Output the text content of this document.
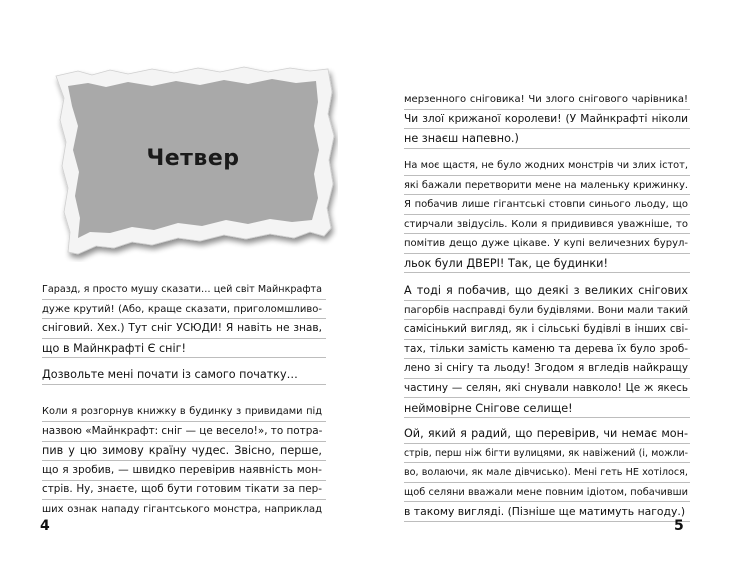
Четвер
Гаразд, я просто мушу сказати… цей світ Майнкрафта
дуже крутий! (Або, краще сказати, приголомшливо-
сніговий. Хех.) Тут сніг УСЮДИ! Я навіть не знав,
що в Майнкрафті Є сніг!
Дозвольте мені почати із самого початку…
Коли я розгорнув книжку в будинку з привидами під
назвою «Майнкрафт: сніг — це весело!», то потра-
пив у цю зимову країну чудес. Звісно, перше,
що я зробив, — швидко перевірив наявність мон-
стрів. Ну, знаєте, щоб бути готовим тікати за пер-
ших ознак нападу гігантського монстра, наприклад
4
мерзенного сніговика! Чи злого снігового чарівника!
Чи злої крижаної королеви! (У Майнкрафті ніколи
не знаєш напевно.)
На моє щастя, не було жодних монстрів чи злих істот,
які бажали перетворити мене на маленьку крижинку.
Я побачив лише гігантські стовпи синього льоду, що
стирчали звідусіль. Коли я придивився уважніше, то
помітив дещо дуже цікаве. У купі величезних бурул-
льок були ДВЕРІ! Так, це будинки!
А тоді я побачив, що деякі з великих снігових
пагорбів насправді були будівлями. Вони мали такий
самісінький вигляд, як і сільські будівлі в інших сві-
тах, тільки замість каменю та дерева їх було зроб-
лено зі снігу та льоду! Згодом я вгледів найкращу
частину — селян, які снували навколо! Це ж якесь
неймовірне Снігове селище!
Ой, який я радий, що перевірив, чи немає мон-
стрів, перш ніж бігти вулицями, як навіжений (і, можли-
во, волаючи, як мале дівчисько). Мені геть НЕ хотілося,
щоб селяни вважали мене повним ідіотом, побачивши
в такому вигляді. (Пізніше ще матимуть нагоду.)
5
